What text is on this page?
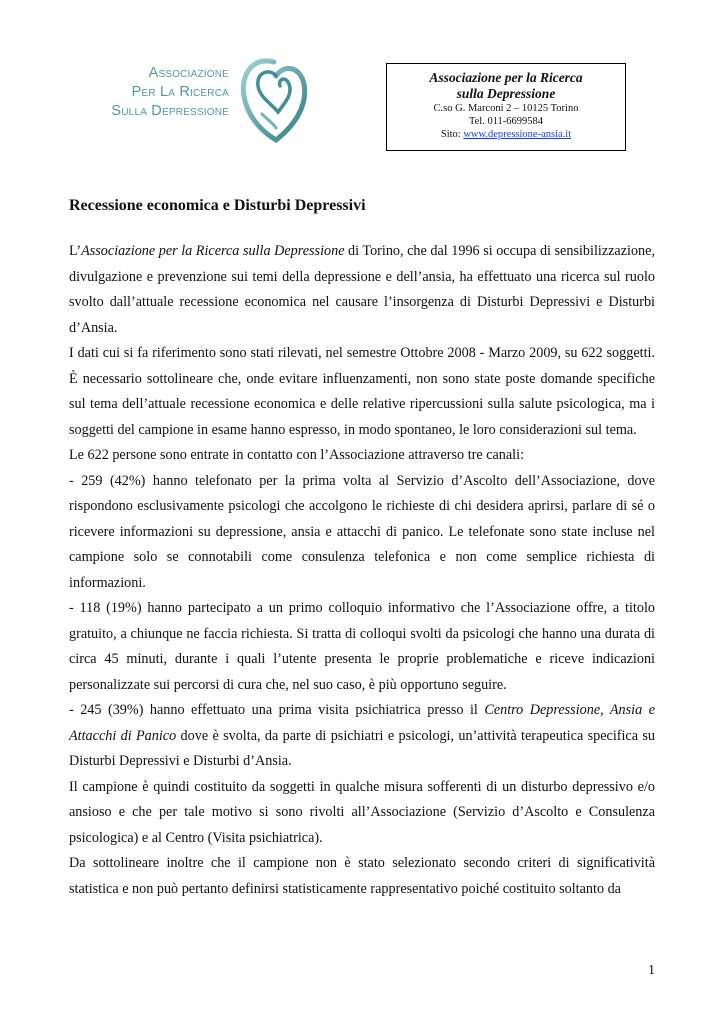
Associazione
Per La Ricerca
Sulla Depressione
Associazione per la Ricerca
sulla Depressione
C.so G. Marconi 2 – 10125 Torino
Tel. 011-6699584
Sito: www.depressione-ansia.it
Recessione economica e Disturbi Depressivi

L’Associazione per la Ricerca sulla Depressione di Torino, che dal 1996 si occupa di sensibilizzazione, divulgazione e prevenzione sui temi della depressione e dell’ansia, ha effettuato una ricerca sul ruolo svolto dall’attuale recessione economica nel causare l’insorgenza di Disturbi Depressivi e Disturbi d’Ansia.

I dati cui si fa riferimento sono stati rilevati, nel semestre Ottobre 2008 - Marzo 2009, su 622 soggetti. È necessario sottolineare che, onde evitare influenzamenti, non sono state poste domande specifiche sul tema dell’attuale recessione economica e delle relative ripercussioni sulla salute psicologica, ma i soggetti del campione in esame hanno espresso, in modo spontaneo, le loro considerazioni sul tema.

Le 622 persone sono entrate in contatto con l’Associazione attraverso tre canali:

- 259 (42%) hanno telefonato per la prima volta al Servizio d’Ascolto dell’Associazione, dove rispondono esclusivamente psicologi che accolgono le richieste di chi desidera aprirsi, parlare di sé o ricevere informazioni su depressione, ansia e attacchi di panico. Le telefonate sono state incluse nel campione solo se connotabili come consulenza telefonica e non come semplice richiesta di informazioni.

- 118 (19%) hanno partecipato a un primo colloquio informativo che l’Associazione offre, a titolo gratuito, a chiunque ne faccia richiesta. Si tratta di colloqui svolti da psicologi che hanno una durata di circa 45 minuti, durante i quali l’utente presenta le proprie problematiche e riceve indicazioni personalizzate sui percorsi di cura che, nel suo caso, è più opportuno seguire.

- 245 (39%) hanno effettuato una prima visita psichiatrica presso il Centro Depressione, Ansia e Attacchi di Panico dove è svolta, da parte di psichiatri e psicologi, un’attività terapeutica specifica su Disturbi Depressivi e Disturbi d’Ansia.

Il campione è quindi costituito da soggetti in qualche misura sofferenti di un disturbo depressivo e/o ansioso e che per tale motivo si sono rivolti all’Associazione (Servizio d’Ascolto e Consulenza psicologica) e al Centro (Visita psichiatrica).

Da sottolineare inoltre che il campione non è stato selezionato secondo criteri di significatività statistica e non può pertanto definirsi statisticamente rappresentativo poiché costituito soltanto da

1
